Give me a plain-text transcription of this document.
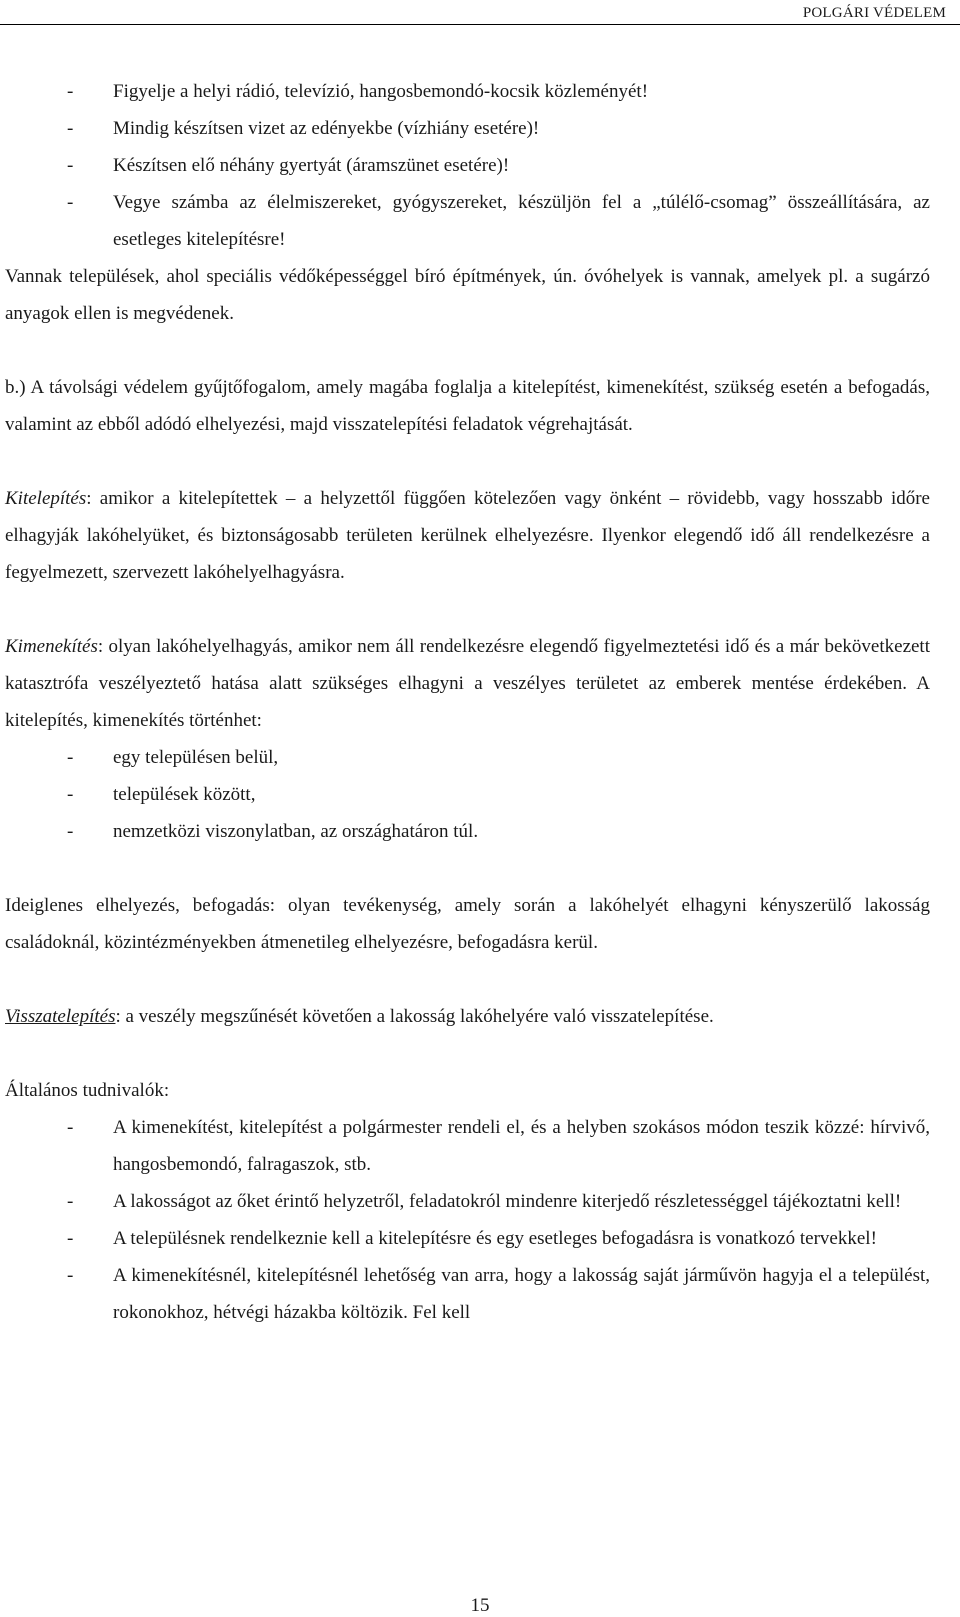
POLGÁRI VÉDELEM
- Figyelje a helyi rádió, televízió, hangosbemondó-kocsik közleményét!
- Mindig készítsen vizet az edényekbe (vízhiány esetére)!
- Készítsen elő néhány gyertyát (áramszünet esetére)!
- Vegye számba az élelmiszereket, gyógyszereket, készüljön fel a „túlélő-csomag” összeállítására, az esetleges kitelepítésre!

Vannak települések, ahol speciális védőképességgel bíró építmények, ún. óvóhelyek is vannak, amelyek pl. a sugárzó anyagok ellen is megvédenek.

b.) A távolsági védelem gyűjtőfogalom, amely magába foglalja a kitelepítést, kimenekítést, szükség esetén a befogadás, valamint az ebből adódó elhelyezési, majd visszatelepítési feladatok végrehajtását.

Kitelepítés: amikor a kitelepítettek – a helyzettől függően kötelezően vagy önként – rövidebb, vagy hosszabb időre elhagyják lakóhelyüket, és biztonságosabb területen kerülnek elhelyezésre. Ilyenkor elegendő idő áll rendelkezésre a fegyelmezett, szervezett lakóhelyelhagyásra.

Kimenekítés: olyan lakóhelyelhagyás, amikor nem áll rendelkezésre elegendő figyelmeztetési idő és a már bekövetkezett katasztrófa veszélyeztető hatása alatt szükséges elhagyni a veszélyes területet az emberek mentése érdekében. A kitelepítés, kimenekítés történhet:

- egy településen belül,
- települések között,
- nemzetközi viszonylatban, az országhatáron túl.

Ideiglenes elhelyezés, befogadás: olyan tevékenység, amely során a lakóhelyét elhagyni kényszerülő lakosság családoknál, közintézményekben átmenetileg elhelyezésre, befogadásra kerül.

Visszatelepítés: a veszély megszűnését követően a lakosság lakóhelyére való visszatelepítése.

Általános tudnivalók:

- A kimenekítést, kitelepítést a polgármester rendeli el, és a helyben szokásos módon teszik közzé: hírvivő, hangosbemondó, falragaszok, stb.
- A lakosságot az őket érintő helyzetről, feladatokról mindenre kiterjedő részletességgel tájékoztatni kell!
- A településnek rendelkeznie kell a kitelepítésre és egy esetleges befogadásra is vonatkozó tervekkel!
- A kimenekítésnél, kitelepítésnél lehetőség van arra, hogy a lakosság saját járművön hagyja el a települést, rokonokhoz, hétvégi házakba költözik. Fel kell
15
